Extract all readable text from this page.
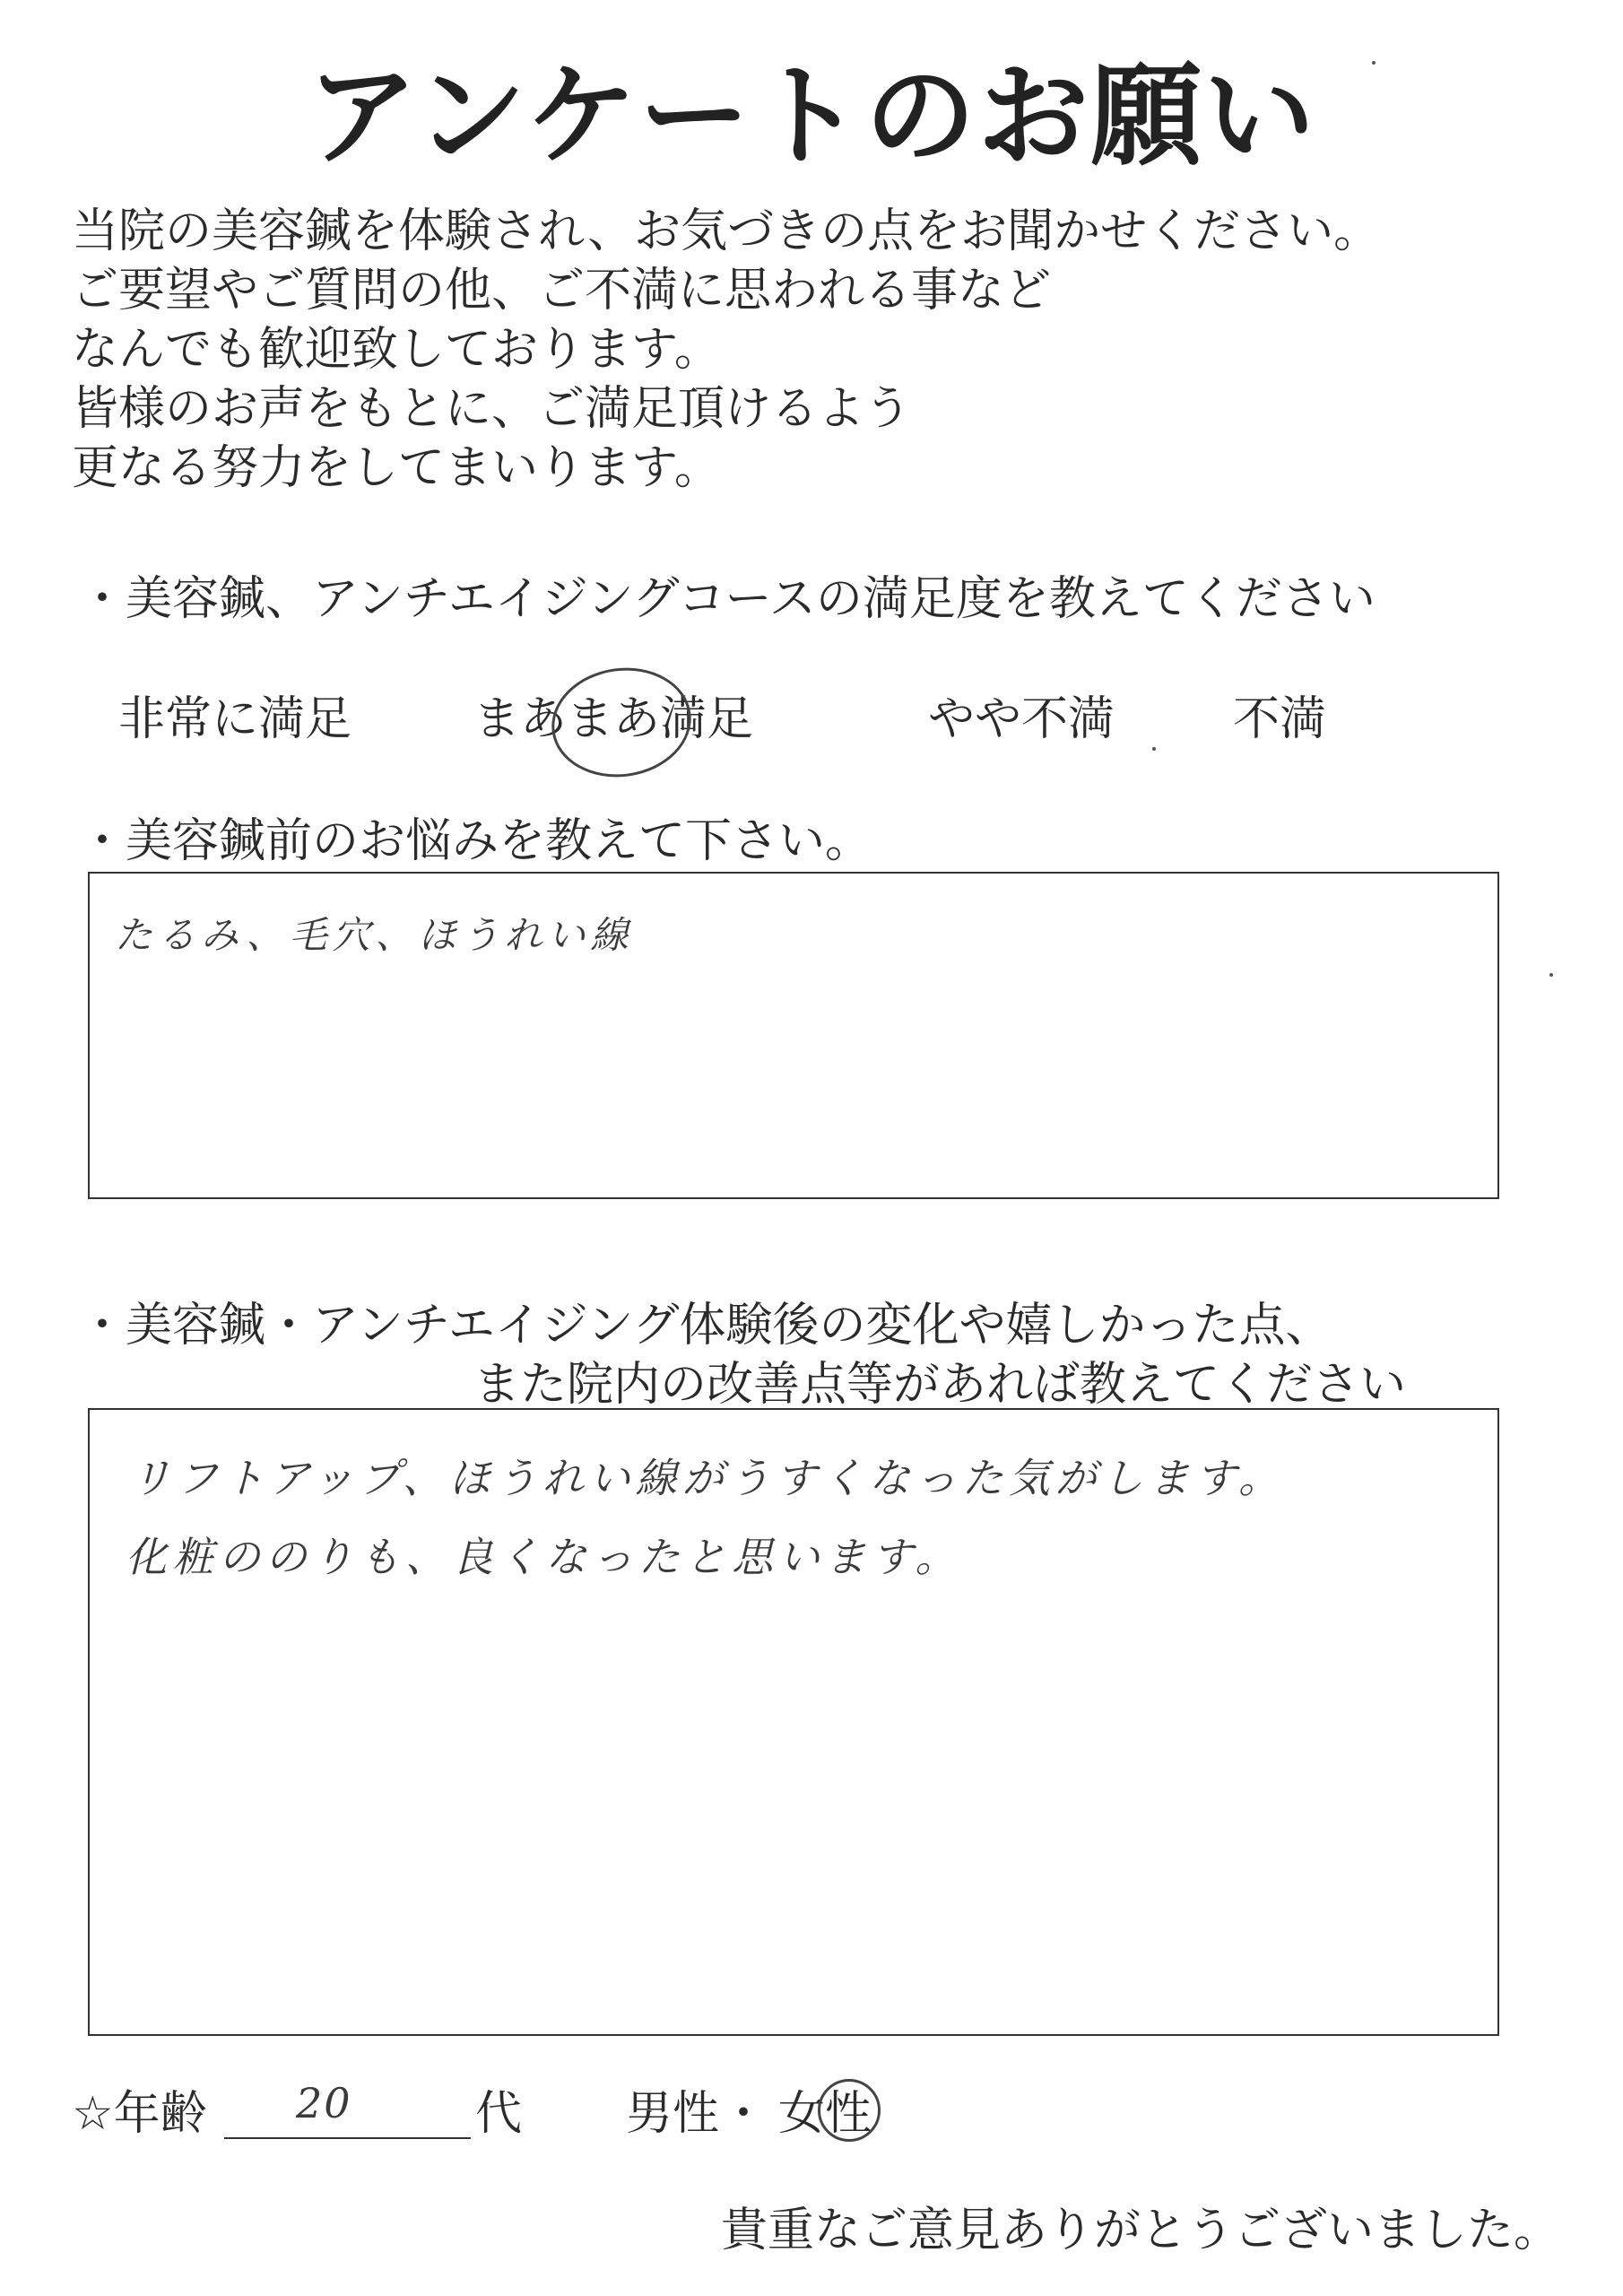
アンケートのお願い
当院の美容鍼を体験され、お気づきの点をお聞かせください。
ご要望やご質問の他、ご不満に思われる事など
なんでも歓迎致しております。
皆様のお声をもとに、ご満足頂けるよう
更なる努力をしてまいります。
・美容鍼、アンチエイジングコースの満足度を教えてください
非常に満足	まあまあ満足	やや不満	不満
・美容鍼前のお悩みを教えて下さい。
たるみ、毛穴、ほうれい線
・美容鍼・アンチエイジング体験後の変化や嬉しかった点、
また院内の改善点等があれば教えてください
リフトアップ、ほうれい線がうすくなった気がします。
化粧ののりも、良くなったと思います。
☆年齢 20	代 男性 ・ 女性
貴重なご意見ありがとうございました。
